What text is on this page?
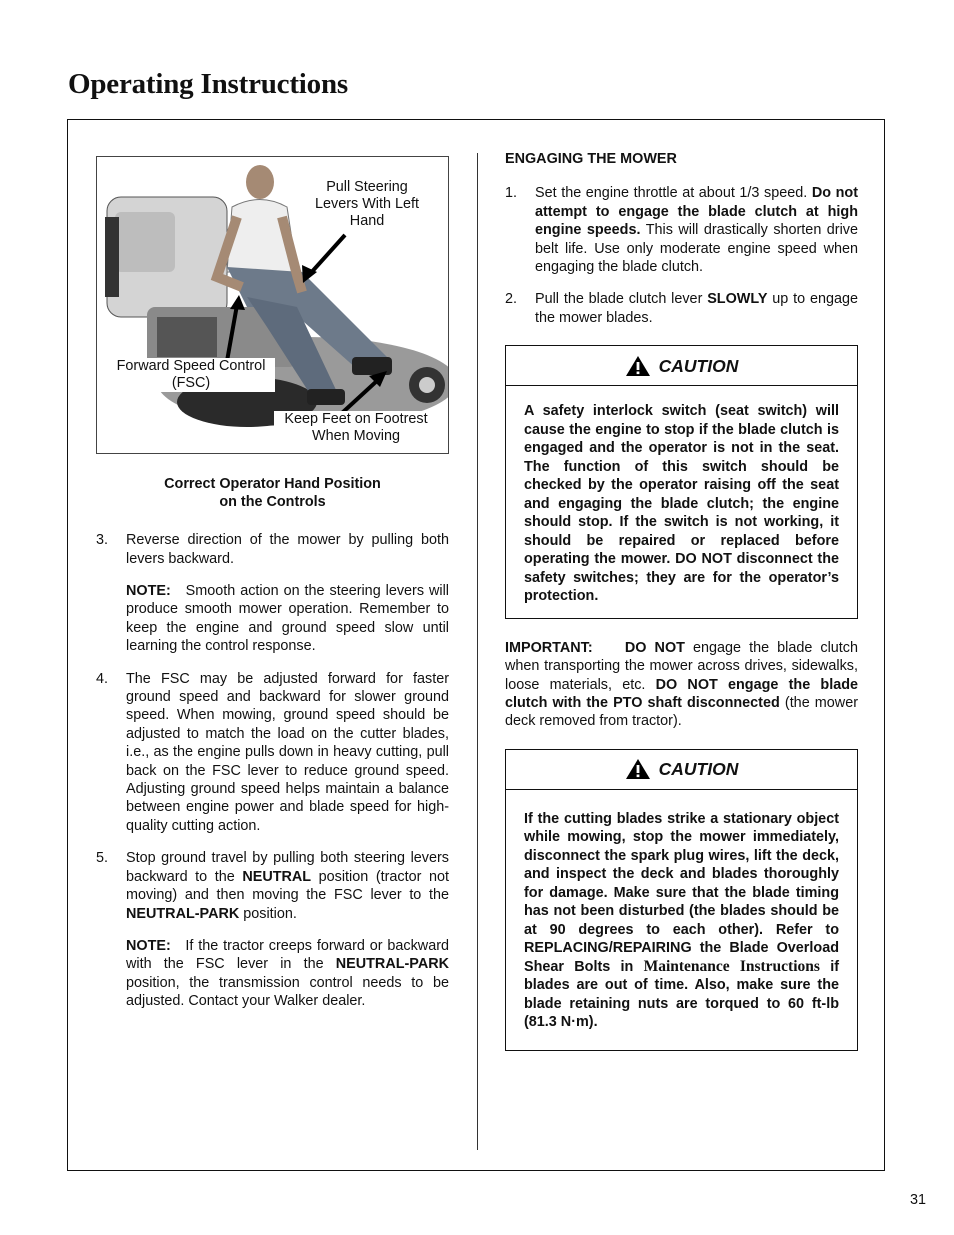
Operating Instructions
Pull Steering Levers With Left Hand
Forward Speed Control (FSC)
Keep Feet on Footrest When Moving

Correct Operator Hand Position
on the Controls

3. Reverse direction of the mower by pulling both levers backward.
NOTE: Smooth action on the steering levers will produce smooth mower operation. Remember to keep the engine and ground speed slow until learning the control response.
4. The FSC may be adjusted forward for faster ground speed and backward for slower ground speed. When mowing, ground speed should be adjusted to match the load on the cutter blades, i.e., as the engine pulls down in heavy cutting, pull back on the FSC lever to reduce ground speed. Adjusting ground speed helps maintain a balance between engine power and blade speed for high-quality cutting action.
5. Stop ground travel by pulling both steering levers backward to the NEUTRAL position (tractor not moving) and then moving the FSC lever to the NEUTRAL-PARK position.
NOTE: If the tractor creeps forward or backward with the FSC lever in the NEUTRAL-PARK position, the transmission control needs to be adjusted. Contact your Walker dealer.

ENGAGING THE MOWER

1. Set the engine throttle at about 1/3 speed. Do not attempt to engage the blade clutch at high engine speeds. This will drastically shorten drive belt life. Use only moderate engine speed when engaging the blade clutch.
2. Pull the blade clutch lever SLOWLY up to engage the mower blades.
CAUTION
A safety interlock switch (seat switch) will cause the engine to stop if the blade clutch is engaged and the operator is not in the seat. The function of this switch should be checked by the operator raising off the seat and engaging the blade clutch; the engine should stop. If the switch is not working, it should be repaired or replaced before operating the mower. DO NOT disconnect the safety switches; they are for the operator’s protection.
IMPORTANT: DO NOT engage the blade clutch when transporting the mower across drives, sidewalks, loose materials, etc. DO NOT engage the blade clutch with the PTO shaft disconnected (the mower deck removed from tractor).
CAUTION
If the cutting blades strike a stationary object while mowing, stop the mower immediately, disconnect the spark plug wires, lift the deck, and inspect the deck and blades thoroughly for damage. Make sure that the blade timing has not been disturbed (the blades should be at 90 degrees to each other). Refer to REPLACING/REPAIRING the Blade Overload Shear Bolts in Maintenance Instructions if blades are out of time. Also, make sure the blade retaining nuts are torqued to 60 ft-lb (81.3 N·m).
31
